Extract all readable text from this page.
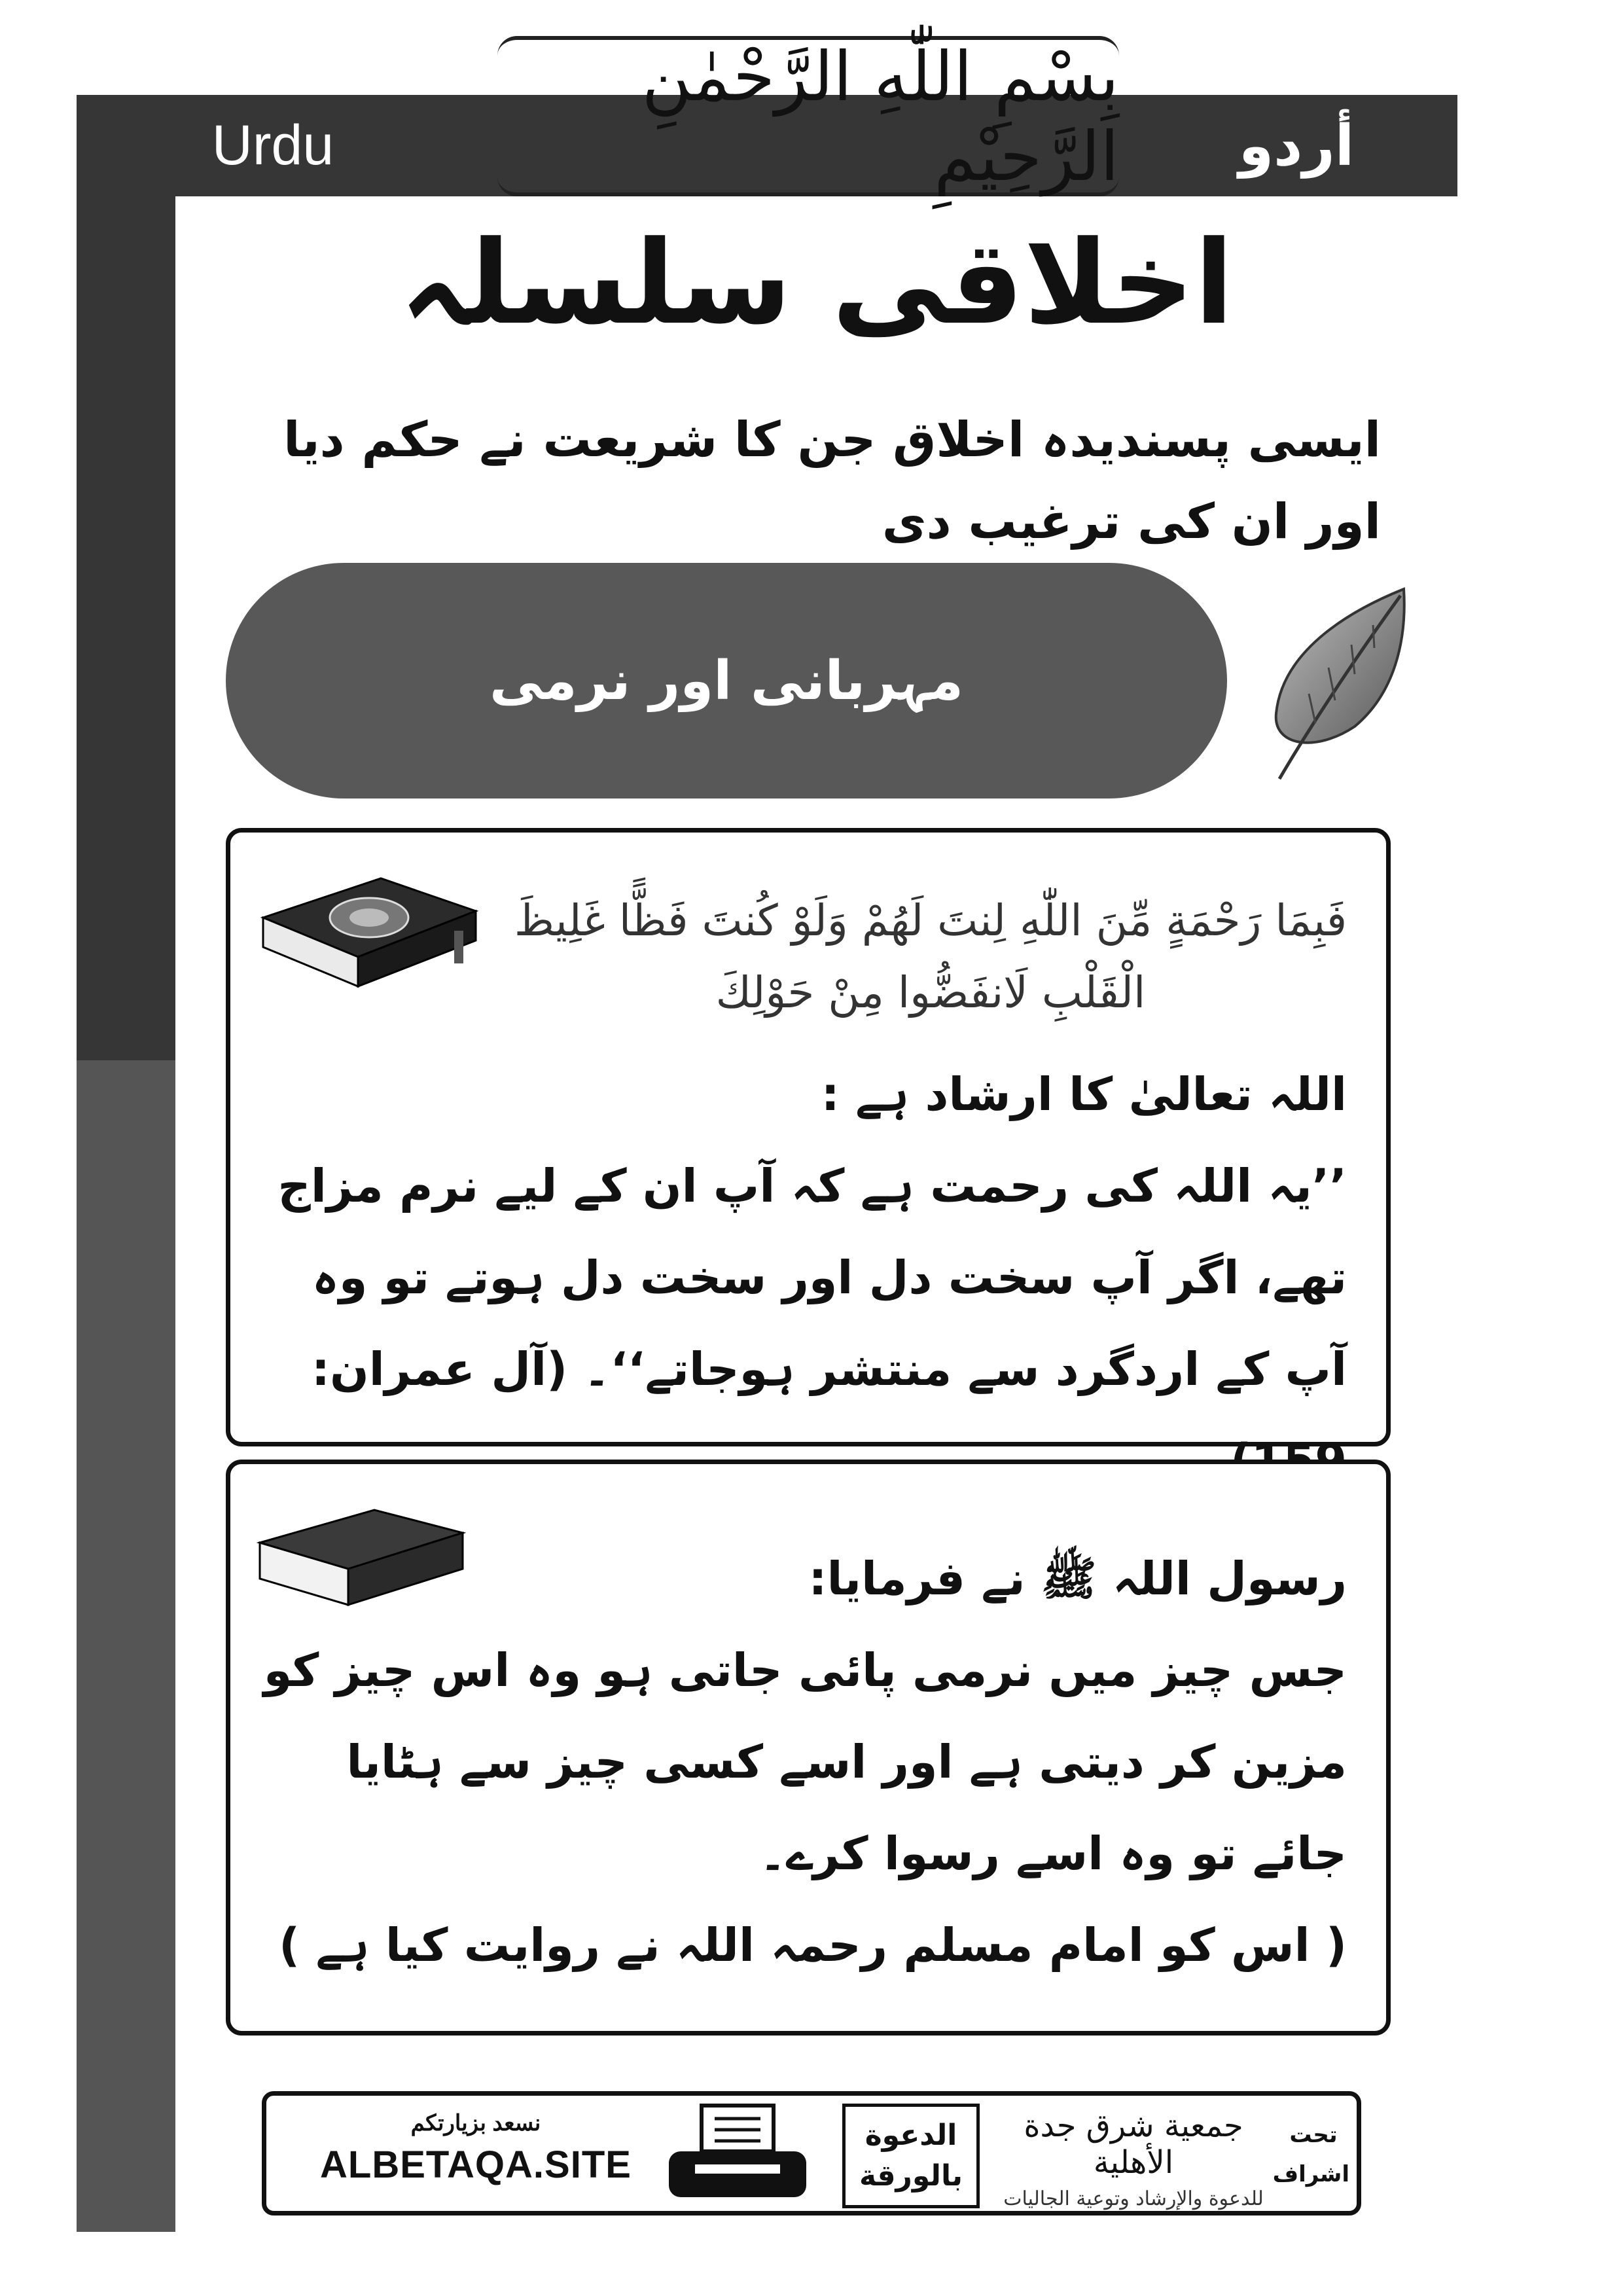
Urdu	أردو
بِسْمِ اللّٰهِ الرَّحْمٰنِ الرَّحِيْمِ
اخلاقی سلسلہ
ایسی پسندیدہ اخلاق جن کا شریعت نے حکم دیا اور ان کی ترغیب دی
مہربانی اور نرمی
فَبِمَا رَحْمَةٍ مِّنَ اللّٰهِ لِنتَ لَهُمْ وَلَوْ كُنتَ فَظًّا غَلِيظَ الْقَلْبِ لَانفَضُّوا مِنْ حَوْلِكَ

اللہ تعالیٰ کا ارشاد ہے :

’’یہ اللہ کی رحمت ہے کہ آپ ان کے لیے نرم مزاج تھے، اگر آپ سخت دل اور سخت دل ہوتے تو وہ آپ کے اردگرد سے منتشر ہوجاتے‘‘۔ (آل عمران:

رسول اللہ ﷺ نے فرمایا:

جس چیز میں نرمی پائی جاتی ہو وہ اس چیز کو مزین کر دیتی ہے اور اسے کسی چیز سے ہٹایا جائے تو وہ اسے رسوا کرے۔

( اس کو امام مسلم رحمہ اللہ نے روایت کیا ہے )

نسعد بزيارتكم
ALBETAQA.SITE
الدعوة
بالورقة
جمعية شرق جدة الأهلية
للدعوة والإرشاد وتوعية الجاليات
تحت
اشراف
